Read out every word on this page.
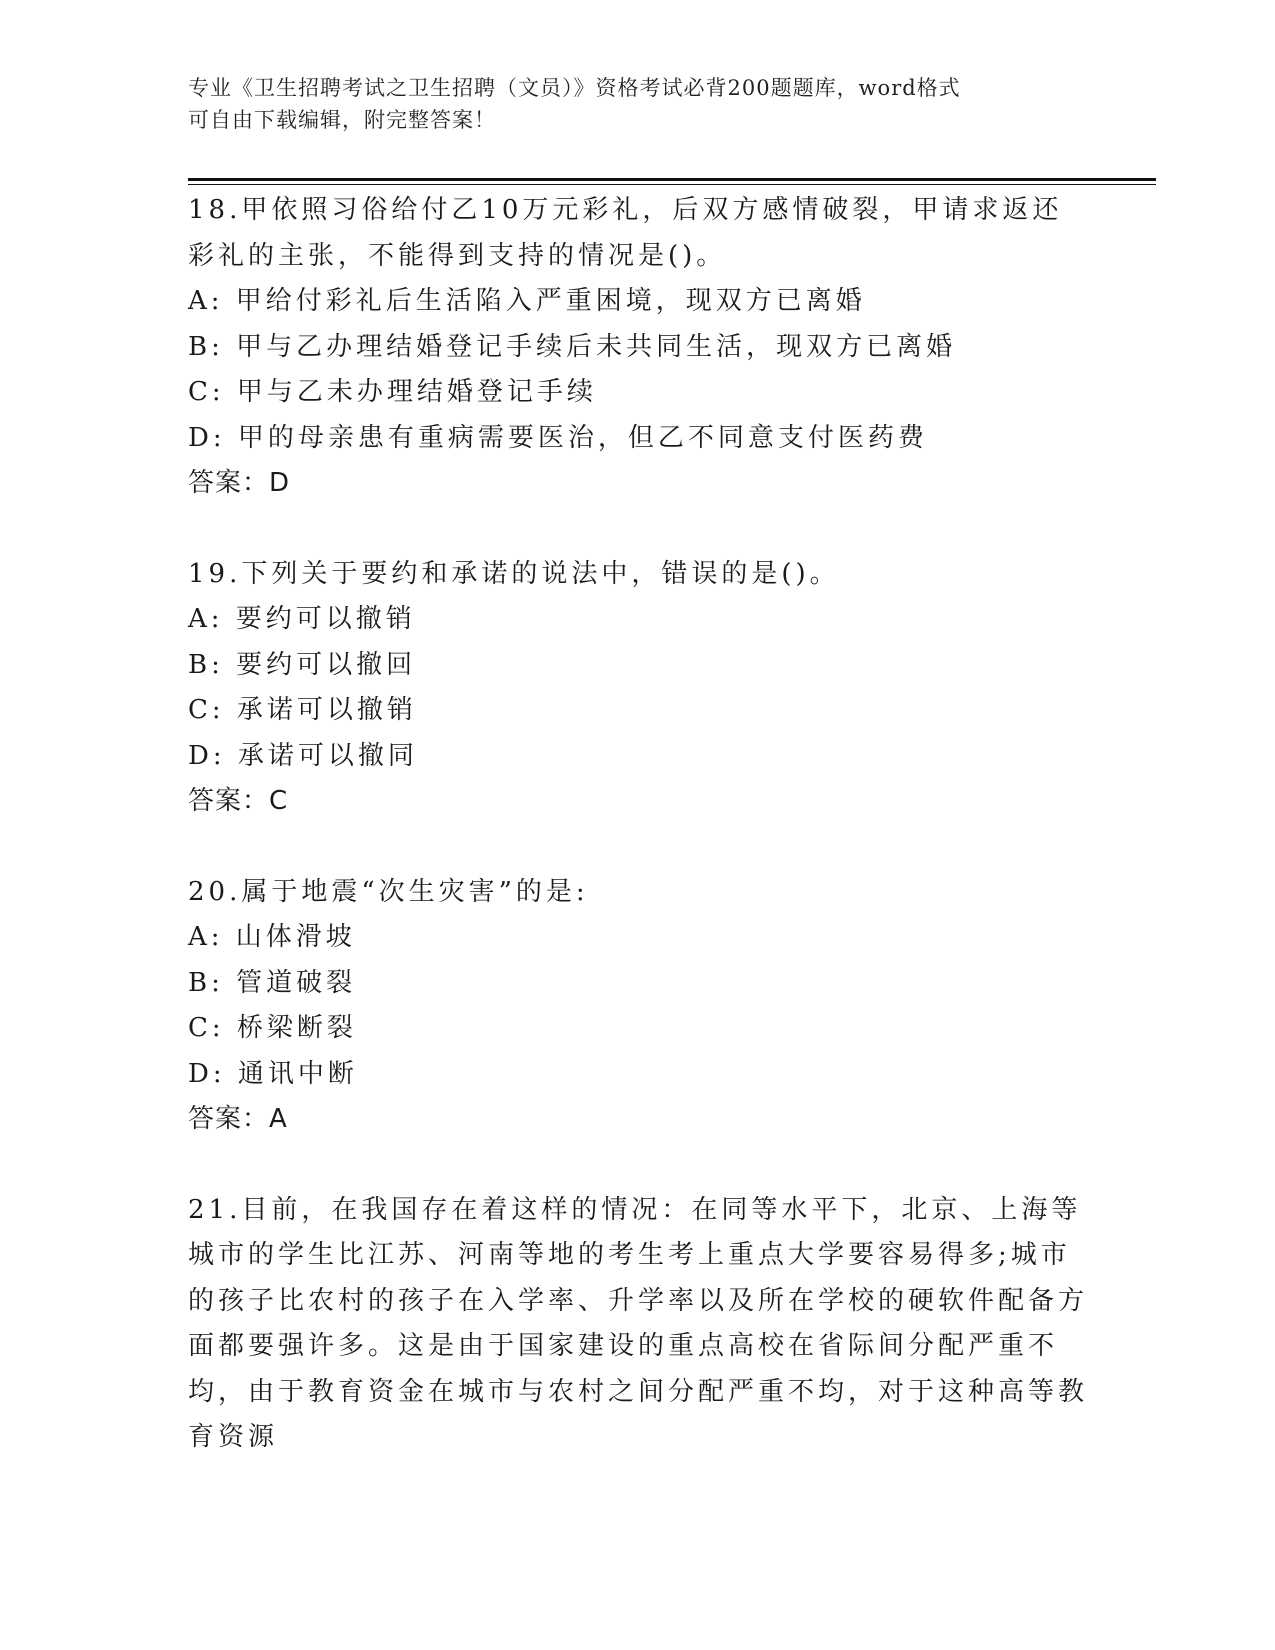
专业《卫生招聘考试之卫生招聘（文员）》资格考试必背200题题库，word格式
可自由下载编辑，附完整答案！
18.甲依照习俗给付乙10万元彩礼，后双方感情破裂，甲请求返还彩礼的主张，不能得到支持的情况是()。
A: 甲给付彩礼后生活陷入严重困境，现双方已离婚
B: 甲与乙办理结婚登记手续后未共同生活，现双方已离婚
C: 甲与乙未办理结婚登记手续
D: 甲的母亲患有重病需要医治，但乙不同意支付医药费
答案：D
19.下列关于要约和承诺的说法中，错误的是()。
A: 要约可以撤销
B: 要约可以撤回
C: 承诺可以撤销
D: 承诺可以撤同
答案：C
20.属于地震“次生灾害”的是:
A: 山体滑坡
B: 管道破裂
C: 桥梁断裂
D: 通讯中断
答案：A
21.目前，在我国存在着这样的情况：在同等水平下，北京、上海等城市的学生比江苏、河南等地的考生考上重点大学要容易得多;城市的孩子比农村的孩子在入学率、升学率以及所在学校的硬软件配备方面都要强许多。这是由于国家建设的重点高校在省际间分配严重不均，由于教育资金在城市与农村之间分配严重不均，对于这种高等教育资源
